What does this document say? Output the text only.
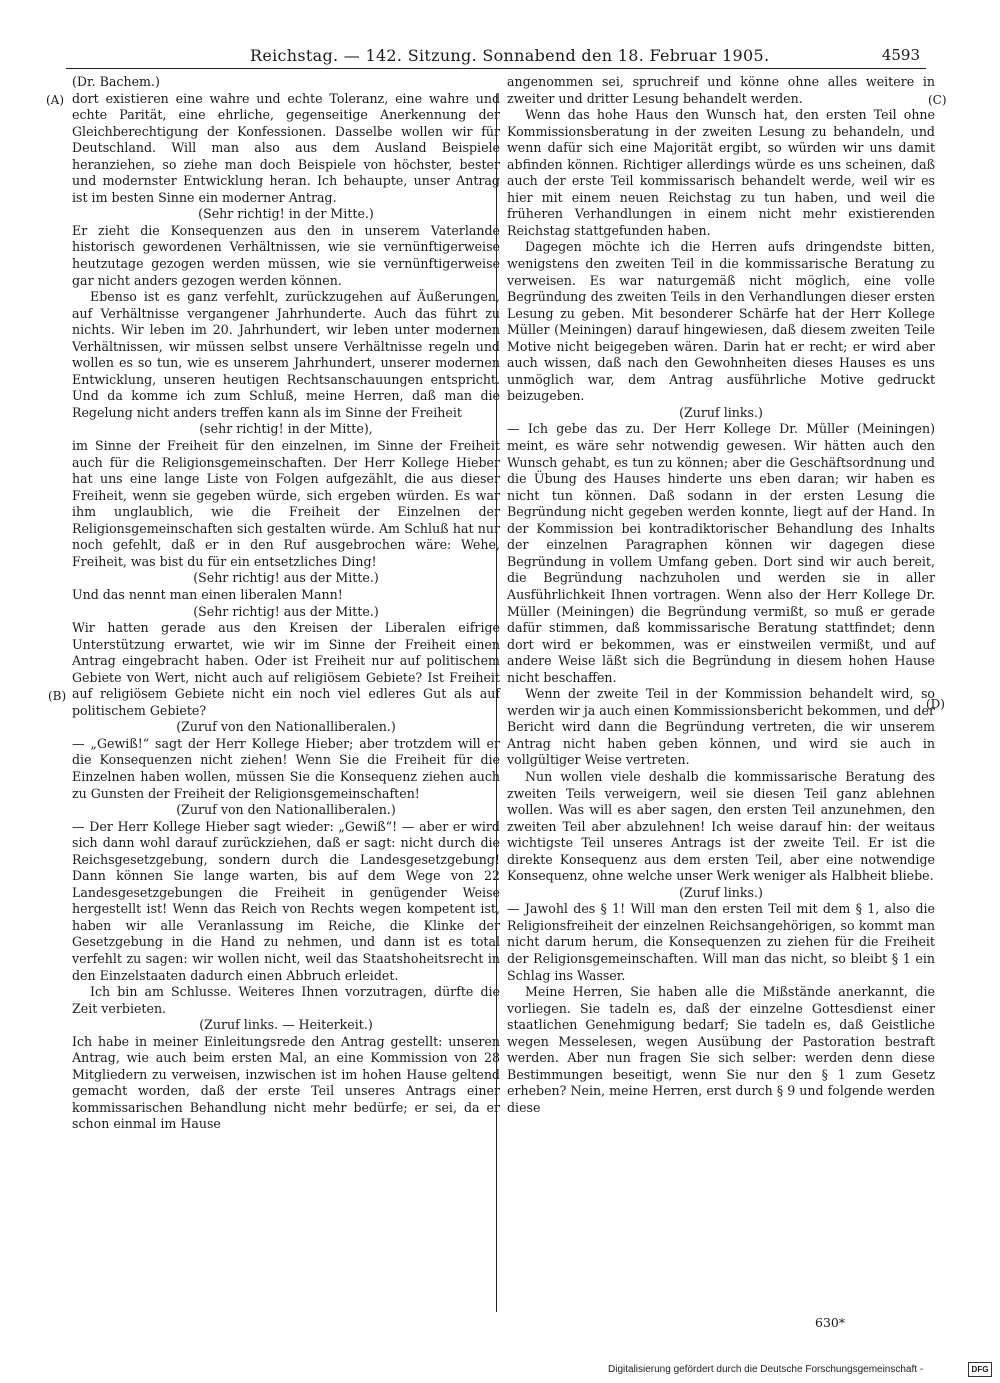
Reichstag. — 142. Sitzung. Sonnabend den 18. Februar 1905.	4593
(A)
(B)
(C)
(D)

(Dr. Bachem.)

dort existieren eine wahre und echte Toleranz, eine wahre und echte Parität, eine ehrliche, gegenseitige Anerkennung der Gleichberechtigung der Konfessionen. Dasselbe wollen wir für Deutschland. Will man also aus dem Ausland Beispiele heranziehen, so ziehe man doch Beispiele von höchster, bester und modernster Entwicklung heran. Ich behaupte, unser Antrag ist im besten Sinne ein moderner Antrag.

(Sehr richtig! in der Mitte.)

Er zieht die Konsequenzen aus den in unserem Vaterlande historisch gewordenen Verhältnissen, wie sie vernünftigerweise heutzutage gezogen werden müssen, wie sie vernünftigerweise gar nicht anders gezogen werden können.

Ebenso ist es ganz verfehlt, zurückzugehen auf Äußerungen, auf Verhältnisse vergangener Jahrhunderte. Auch das führt zu nichts. Wir leben im 20. Jahrhundert, wir leben unter modernen Verhältnissen, wir müssen selbst unsere Verhältnisse regeln und wollen es so tun, wie es unserem Jahrhundert, unserer modernen Entwicklung, unseren heutigen Rechtsanschauungen entspricht. Und da komme ich zum Schluß, meine Herren, daß man die Regelung nicht anders treffen kann als im Sinne der Freiheit

(sehr richtig! in der Mitte),

im Sinne der Freiheit für den einzelnen, im Sinne der Freiheit auch für die Religionsgemeinschaften. Der Herr Kollege Hieber hat uns eine lange Liste von Folgen aufgezählt, die aus dieser Freiheit, wenn sie gegeben würde, sich ergeben würden. Es war ihm unglaublich, wie die Freiheit der Einzelnen der Religionsgemeinschaften sich gestalten würde. Am Schluß hat nur noch gefehlt, daß er in den Ruf ausgebrochen wäre: Wehe, Freiheit, was bist du für ein entsetzliches Ding!

(Sehr richtig! aus der Mitte.)

Und das nennt man einen liberalen Mann!

(Sehr richtig! aus der Mitte.)

Wir hatten gerade aus den Kreisen der Liberalen eifrige Unterstützung erwartet, wie wir im Sinne der Freiheit einen Antrag eingebracht haben. Oder ist Freiheit nur auf politischem Gebiete von Wert, nicht auch auf religiösem Gebiete? Ist Freiheit auf religiösem Gebiete nicht ein noch viel edleres Gut als auf politischem Gebiete?

(Zuruf von den Nationalliberalen.)

— „Gewiß!“ sagt der Herr Kollege Hieber; aber trotzdem will er die Konsequenzen nicht ziehen! Wenn Sie die Freiheit für die Einzelnen haben wollen, müssen Sie die Konsequenz ziehen auch zu Gunsten der Freiheit der Religionsgemeinschaften!

(Zuruf von den Nationalliberalen.)

— Der Herr Kollege Hieber sagt wieder: „Gewiß“! — aber er wird sich dann wohl darauf zurückziehen, daß er sagt: nicht durch die Reichsgesetzgebung, sondern durch die Landesgesetzgebung! Dann können Sie lange warten, bis auf dem Wege von 22 Landesgesetzgebungen die Freiheit in genügender Weise hergestellt ist! Wenn das Reich von Rechts wegen kompetent ist, haben wir alle Veranlassung im Reiche, die Klinke der Gesetzgebung in die Hand zu nehmen, und dann ist es total verfehlt zu sagen: wir wollen nicht, weil das Staatshoheitsrecht in den Einzelstaaten dadurch einen Abbruch erleidet.

Ich bin am Schlusse. Weiteres Ihnen vorzutragen, dürfte die Zeit verbieten.

(Zuruf links. — Heiterkeit.)

Ich habe in meiner Einleitungsrede den Antrag gestellt: unseren Antrag, wie auch beim ersten Mal, an eine Kommission von 28 Mitgliedern zu verweisen, inzwischen ist im hohen Hause geltend gemacht worden, daß der erste Teil unseres Antrags einer kommissarischen Behandlung nicht mehr bedürfe; er sei, da er schon einmal im Hause

angenommen sei, spruchreif und könne ohne alles weitere in zweiter und dritter Lesung behandelt werden.

Wenn das hohe Haus den Wunsch hat, den ersten Teil ohne Kommissionsberatung in der zweiten Lesung zu behandeln, und wenn dafür sich eine Majorität ergibt, so würden wir uns damit abfinden können. Richtiger allerdings würde es uns scheinen, daß auch der erste Teil kommissarisch behandelt werde, weil wir es hier mit einem neuen Reichstag zu tun haben, und weil die früheren Verhandlungen in einem nicht mehr existierenden Reichstag stattgefunden haben.

Dagegen möchte ich die Herren aufs dringendste bitten, wenigstens den zweiten Teil in die kommissarische Beratung zu verweisen. Es war naturgemäß nicht möglich, eine volle Begründung des zweiten Teils in den Verhandlungen dieser ersten Lesung zu geben. Mit besonderer Schärfe hat der Herr Kollege Müller (Meiningen) darauf hingewiesen, daß diesem zweiten Teile Motive nicht beigegeben wären. Darin hat er recht; er wird aber auch wissen, daß nach den Gewohnheiten dieses Hauses es uns unmöglich war, dem Antrag ausführliche Motive gedruckt beizugeben.

(Zuruf links.)

— Ich gebe das zu. Der Herr Kollege Dr. Müller (Meiningen) meint, es wäre sehr notwendig gewesen. Wir hätten auch den Wunsch gehabt, es tun zu können; aber die Geschäftsordnung und die Übung des Hauses hinderte uns eben daran; wir haben es nicht tun können. Daß sodann in der ersten Lesung die Begründung nicht gegeben werden konnte, liegt auf der Hand. In der Kommission bei kontradiktorischer Behandlung des Inhalts der einzelnen Paragraphen können wir dagegen diese Begründung in vollem Umfang geben. Dort sind wir auch bereit, die Begründung nachzuholen und werden sie in aller Ausführlichkeit Ihnen vortragen. Wenn also der Herr Kollege Dr. Müller (Meiningen) die Begründung vermißt, so muß er gerade dafür stimmen, daß kommissarische Beratung stattfindet; denn dort wird er bekommen, was er einstweilen vermißt, und auf andere Weise läßt sich die Begründung in diesem hohen Hause nicht beschaffen.

Wenn der zweite Teil in der Kommission behandelt wird, so werden wir ja auch einen Kommissionsbericht bekommen, und der Bericht wird dann die Begründung vertreten, die wir unserem Antrag nicht haben geben können, und wird sie auch in vollgültiger Weise vertreten.

Nun wollen viele deshalb die kommissarische Beratung des zweiten Teils verweigern, weil sie diesen Teil ganz ablehnen wollen. Was will es aber sagen, den ersten Teil anzunehmen, den zweiten Teil aber abzulehnen! Ich weise darauf hin: der weitaus wichtigste Teil unseres Antrags ist der zweite Teil. Er ist die direkte Konsequenz aus dem ersten Teil, aber eine notwendige Konsequenz, ohne welche unser Werk weniger als Halbheit bliebe.

(Zuruf links.)

— Jawohl des § 1! Will man den ersten Teil mit dem § 1, also die Religionsfreiheit der einzelnen Reichsangehörigen, so kommt man nicht darum herum, die Konsequenzen zu ziehen für die Freiheit der Religionsgemeinschaften. Will man das nicht, so bleibt § 1 ein Schlag ins Wasser.

Meine Herren, Sie haben alle die Mißstände anerkannt, die vorliegen. Sie tadeln es, daß der einzelne Gottesdienst einer staatlichen Genehmigung bedarf; Sie tadeln es, daß Geistliche wegen Messelesen, wegen Ausübung der Pastoration bestraft werden. Aber nun fragen Sie sich selber: werden denn diese Bestimmungen beseitigt, wenn Sie nur den § 1 zum Gesetz erheben? Nein, meine Herren, erst durch § 9 und folgende werden diese

630*
Digitalisierung gefördert durch die Deutsche Forschungsgemeinschaft -	DFG
